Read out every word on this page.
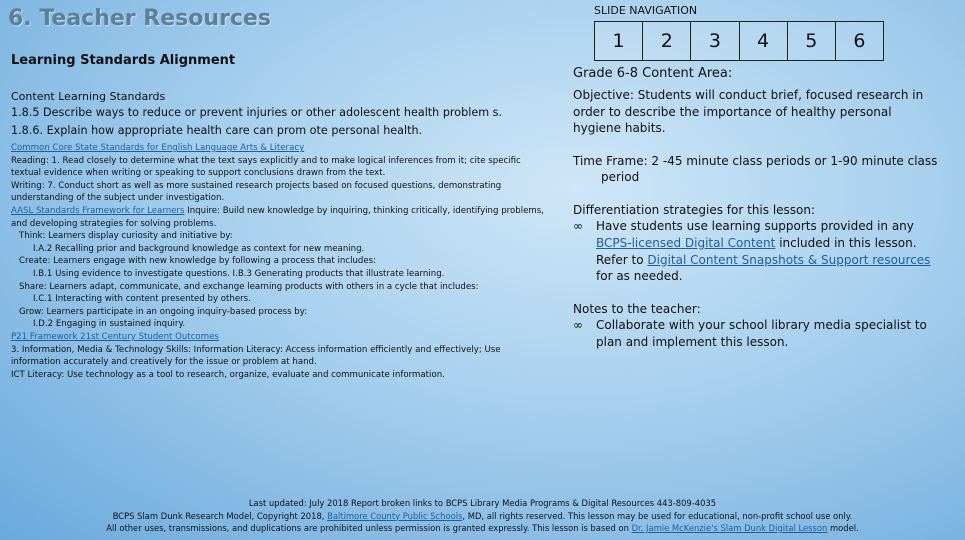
6. Teacher Resources
Learning Standards Alignment

Content Learning Standards

1.8.5 Describe ways to reduce or prevent injuries or other adolescent health problem s.

1.8.6. Explain how appropriate health care can prom ote personal health.

Common Core State Standards for English Language Arts & Literacy

Reading: 1. Read closely to determine what the text says explicitly and to make logical inferences from it; cite specific textual evidence when writing or speaking to support conclusions drawn from the text.

Writing: 7. Conduct short as well as more sustained research projects based on focused questions, demonstrating understanding of the subject under investigation.

AASL Standards Framework for Learners Inquire: Build new knowledge by inquiring, thinking critically, identifying problems, and developing strategies for solving problems.

Think: Learners display curiosity and initiative by:

I.A.2 Recalling prior and background knowledge as context for new meaning.

Create: Learners engage with new knowledge by following a process that includes:

I.B.1 Using evidence to investigate questions. I.B.3 Generating products that illustrate learning.

Share: Learners adapt, communicate, and exchange learning products with others in a cycle that includes:

I.C.1 Interacting with content presented by others.

Grow: Learners participate in an ongoing inquiry-based process by:

I.D.2 Engaging in sustained inquiry.

P21 Framework 21st Century Student Outcomes

3. Information, Media & Technology Skills: Information Literacy: Access information efficiently and effectively; Use information accurately and creatively for the issue or problem at hand.

ICT Literacy: Use technology as a tool to research, organize, evaluate and communicate information.

SLIDE NAVIGATION
1	2	3	4	5	6

Grade 6-8 Content Area:

Objective: Students will conduct brief, focused research in order to describe the importance of healthy personal hygiene habits.

Time Frame: 2 -45 minute class periods or 1-90 minute class

period

Differentiation strategies for this lesson:

∞	Have students use learning supports provided in any

BCPS-licensed Digital Content included in this lesson.

Refer to Digital Content Snapshots & Support resources

for as needed.

Notes to the teacher:

∞	Collaborate with your school library media specialist to

plan and implement this lesson.

Last updated: July 2018 Report broken links to BCPS Library Media Programs & Digital Resources 443-809-4035
BCPS Slam Dunk Research Model, Copyright 2018, Baltimore County Public Schools, MD, all rights reserved. This lesson may be used for educational, non-profit school use only.
All other uses, transmissions, and duplications are prohibited unless permission is granted expressly. This lesson is based on Dr. Jamie McKenzie's Slam Dunk Digital Lesson model.
